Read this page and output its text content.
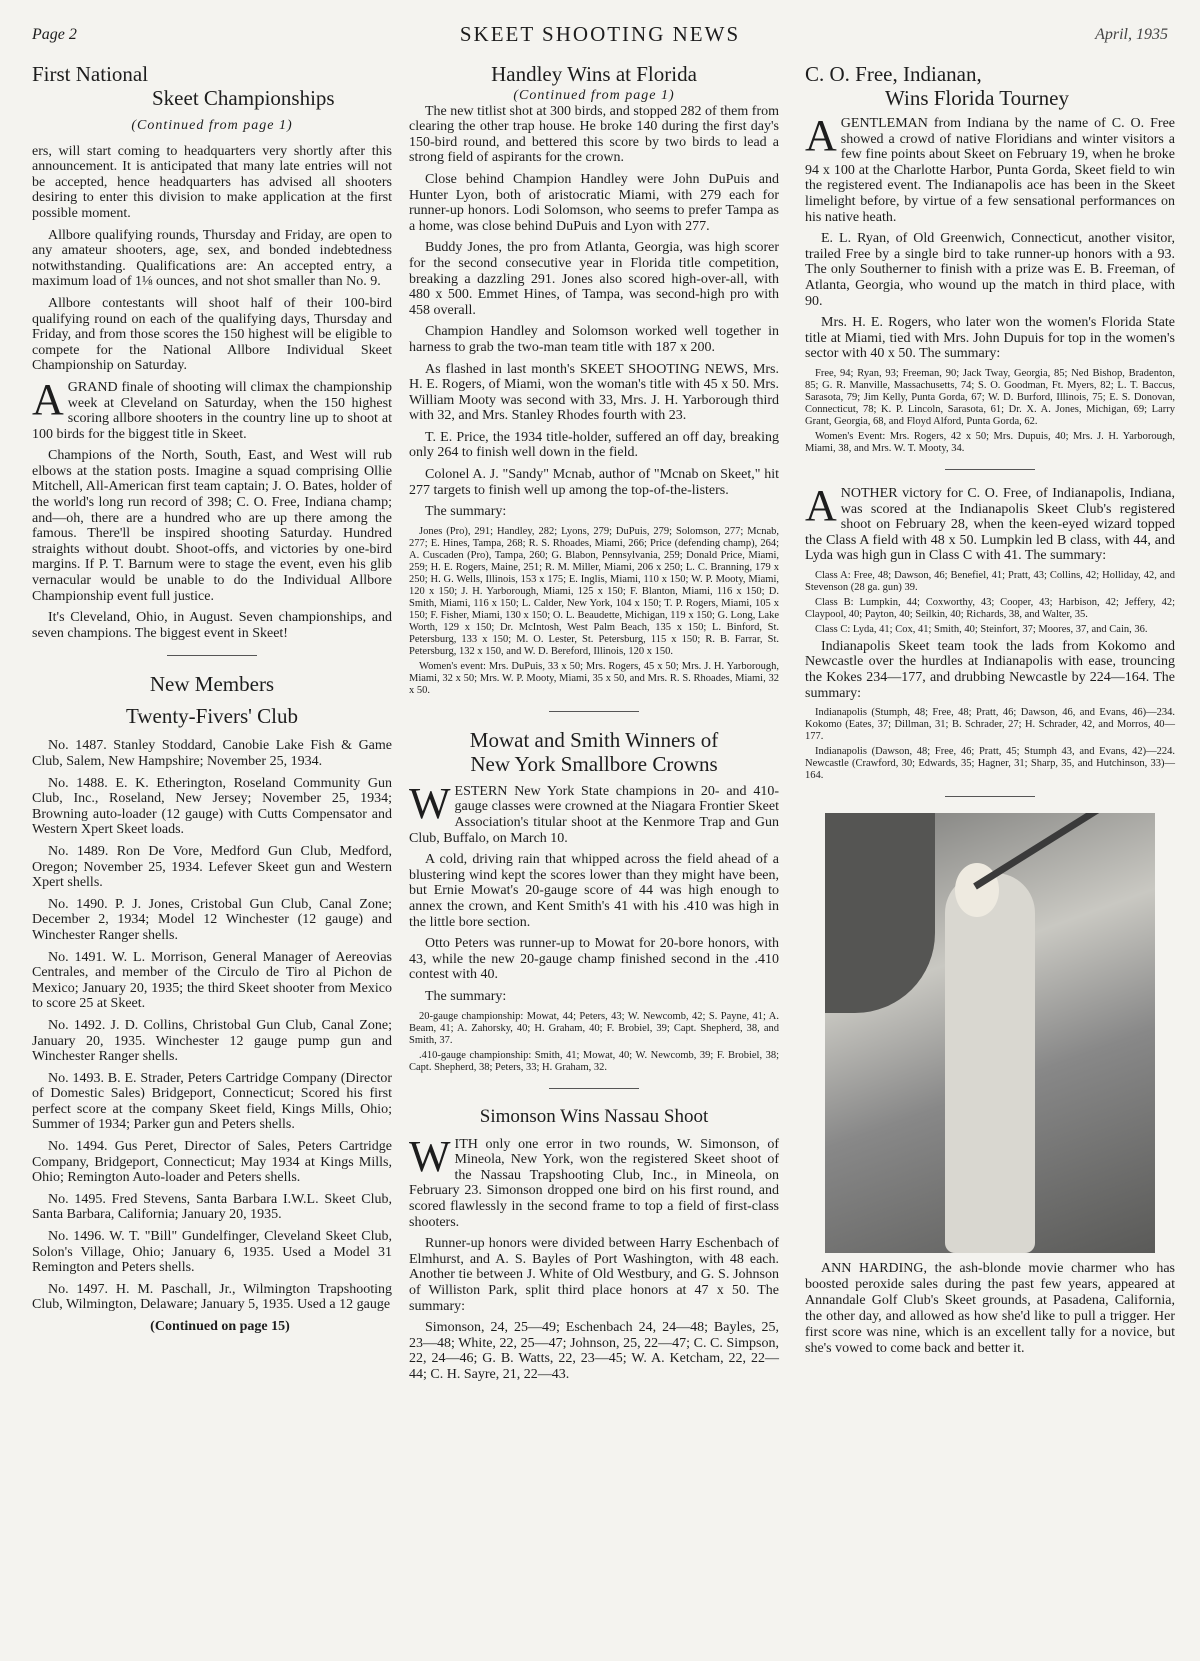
Page 2	SKEET SHOOTING NEWS	April, 1935
First National
Skeet Championships
(Continued from page 1)

ers, will start coming to headquarters very shortly after this announcement. It is anticipated that many late entries will not be accepted, hence headquarters has advised all shooters desiring to enter this division to make application at the first possible moment.

Allbore qualifying rounds, Thursday and Friday, are open to any amateur shooters, age, sex, and bonded indebtedness notwithstanding. Qualifications are: An accepted entry, a maximum load of 1⅛ ounces, and not shot smaller than No. 9.

Allbore contestants will shoot half of their 100-bird qualifying round on each of the qualifying days, Thursday and Friday, and from those scores the 150 highest will be eligible to compete for the National Allbore Individual Skeet Championship on Saturday.

AGRAND finale of shooting will climax the championship week at Cleveland on Saturday, when the 150 highest scoring allbore shooters in the country line up to shoot at 100 birds for the biggest title in Skeet.

Champions of the North, South, East, and West will rub elbows at the station posts. Imagine a squad comprising Ollie Mitchell, All-American first team captain; J. O. Bates, holder of the world's long run record of 398; C. O. Free, Indiana champ; and—oh, there are a hundred who are up there among the famous. There'll be inspired shooting Saturday. Hundred straights without doubt. Shoot-offs, and victories by one-bird margins. If P. T. Barnum were to stage the event, even his glib vernacular would be unable to do the Individual Allbore Championship event full justice.

It's Cleveland, Ohio, in August. Seven championships, and seven champions. The biggest event in Skeet!

New Members
Twenty-Fivers' Club

No. 1487. Stanley Stoddard, Canobie Lake Fish & Game Club, Salem, New Hampshire; November 25, 1934.

No. 1488. E. K. Etherington, Roseland Community Gun Club, Inc., Roseland, New Jersey; November 25, 1934; Browning auto-loader (12 gauge) with Cutts Compensator and Western Xpert Skeet loads.

No. 1489. Ron De Vore, Medford Gun Club, Medford, Oregon; November 25, 1934. Lefever Skeet gun and Western Xpert shells.

No. 1490. P. J. Jones, Cristobal Gun Club, Canal Zone; December 2, 1934; Model 12 Winchester (12 gauge) and Winchester Ranger shells.

No. 1491. W. L. Morrison, General Manager of Aereovias Centrales, and member of the Circulo de Tiro al Pichon de Mexico; January 20, 1935; the third Skeet shooter from Mexico to score 25 at Skeet.

No. 1492. J. D. Collins, Christobal Gun Club, Canal Zone; January 20, 1935. Winchester 12 gauge pump gun and Winchester Ranger shells.

No. 1493. B. E. Strader, Peters Cartridge Company (Director of Domestic Sales) Bridgeport, Connecticut; Scored his first perfect score at the company Skeet field, Kings Mills, Ohio; Summer of 1934; Parker gun and Peters shells.

No. 1494. Gus Peret, Director of Sales, Peters Cartridge Company, Bridgeport, Connecticut; May 1934 at Kings Mills, Ohio; Remington Auto-loader and Peters shells.

No. 1495. Fred Stevens, Santa Barbara I.W.L. Skeet Club, Santa Barbara, California; January 20, 1935.

No. 1496. W. T. "Bill" Gundelfinger, Cleveland Skeet Club, Solon's Village, Ohio; January 6, 1935. Used a Model 31 Remington and Peters shells.

No. 1497. H. M. Paschall, Jr., Wilmington Trapshooting Club, Wilmington, Delaware; January 5, 1935. Used a 12 gauge

(Continued on page 15)

Handley Wins at Florida
(Continued from page 1)

The new titlist shot at 300 birds, and stopped 282 of them from clearing the other trap house. He broke 140 during the first day's 150-bird round, and bettered this score by two birds to lead a strong field of aspirants for the crown.

Close behind Champion Handley were John DuPuis and Hunter Lyon, both of aristocratic Miami, with 279 each for runner-up honors. Lodi Solomson, who seems to prefer Tampa as a home, was close behind DuPuis and Lyon with 277.

Buddy Jones, the pro from Atlanta, Georgia, was high scorer for the second consecutive year in Florida title competition, breaking a dazzling 291. Jones also scored high-over-all, with 480 x 500. Emmet Hines, of Tampa, was second-high pro with 458 overall.

Champion Handley and Solomson worked well together in harness to grab the two-man team title with 187 x 200.

As flashed in last month's SKEET SHOOTING NEWS, Mrs. H. E. Rogers, of Miami, won the woman's title with 45 x 50. Mrs. William Mooty was second with 33, Mrs. J. H. Yarborough third with 32, and Mrs. Stanley Rhodes fourth with 23.

T. E. Price, the 1934 title-holder, suffered an off day, breaking only 264 to finish well down in the field.

Colonel A. J. "Sandy" Mcnab, author of "Mcnab on Skeet," hit 277 targets to finish well up among the top-of-the-listers.

The summary:

Jones (Pro), 291; Handley, 282; Lyons, 279; DuPuis, 279; Solomson, 277; Mcnab, 277; E. Hines, Tampa, 268; R. S. Rhoades, Miami, 266; Price (defending champ), 264; A. Cuscaden (Pro), Tampa, 260; G. Blabon, Pennsylvania, 259; Donald Price, Miami, 259; H. E. Rogers, Maine, 251; R. M. Miller, Miami, 206 x 250; L. C. Branning, 179 x 250; H. G. Wells, Illinois, 153 x 175; E. Inglis, Miami, 110 x 150; W. P. Mooty, Miami, 120 x 150; J. H. Yarborough, Miami, 125 x 150; F. Blanton, Miami, 116 x 150; D. Smith, Miami, 116 x 150; L. Calder, New York, 104 x 150; T. P. Rogers, Miami, 105 x 150; F. Fisher, Miami, 130 x 150; O. L. Beaudette, Michigan, 119 x 150; G. Long, Lake Worth, 129 x 150; Dr. McIntosh, West Palm Beach, 135 x 150; L. Binford, St. Petersburg, 133 x 150; M. O. Lester, St. Petersburg, 115 x 150; R. B. Farrar, St. Petersburg, 132 x 150, and W. D. Bereford, Illinois, 120 x 150.

Women's event: Mrs. DuPuis, 33 x 50; Mrs. Rogers, 45 x 50; Mrs. J. H. Yarborough, Miami, 32 x 50; Mrs. W. P. Mooty, Miami, 35 x 50, and Mrs. R. S. Rhoades, Miami, 32 x 50.

Mowat and Smith Winners of
New York Smallbore Crowns

WESTERN New York State champions in 20- and 410-gauge classes were crowned at the Niagara Frontier Skeet Association's titular shoot at the Kenmore Trap and Gun Club, Buffalo, on March 10.

A cold, driving rain that whipped across the field ahead of a blustering wind kept the scores lower than they might have been, but Ernie Mowat's 20-gauge score of 44 was high enough to annex the crown, and Kent Smith's 41 with his .410 was high in the little bore section.

Otto Peters was runner-up to Mowat for 20-bore honors, with 43, while the new 20-gauge champ finished second in the .410 contest with 40.

The summary:

20-gauge championship: Mowat, 44; Peters, 43; W. Newcomb, 42; S. Payne, 41; A. Beam, 41; A. Zahorsky, 40; H. Graham, 40; F. Brobiel, 39; Capt. Shepherd, 38, and Smith, 37.

.410-gauge championship: Smith, 41; Mowat, 40; W. Newcomb, 39; F. Brobiel, 38; Capt. Shepherd, 38; Peters, 33; H. Graham, 32.

Simonson Wins Nassau Shoot

WITH only one error in two rounds, W. Simonson, of Mineola, New York, won the registered Skeet shoot of the Nassau Trapshooting Club, Inc., in Mineola, on February 23. Simonson dropped one bird on his first round, and scored flawlessly in the second frame to top a field of first-class shooters.

Runner-up honors were divided between Harry Eschenbach of Elmhurst, and A. S. Bayles of Port Washington, with 48 each. Another tie between J. White of Old Westbury, and G. S. Johnson of Williston Park, split third place honors at 47 x 50. The summary:

Simonson, 24, 25—49; Eschenbach 24, 24—48; Bayles, 25, 23—48; White, 22, 25—47; Johnson, 25, 22—47; C. C. Simpson, 22, 24—46; G. B. Watts, 22, 23—45; W. A. Ketcham, 22, 22—44; C. H. Sayre, 21, 22—43.

C. O. Free, Indianan,
Wins Florida Tourney

AGENTLEMAN from Indiana by the name of C. O. Free showed a crowd of native Floridians and winter visitors a few fine points about Skeet on February 19, when he broke 94 x 100 at the Charlotte Harbor, Punta Gorda, Skeet field to win the registered event. The Indianapolis ace has been in the Skeet limelight before, by virtue of a few sensational performances on his native heath.

E. L. Ryan, of Old Greenwich, Connecticut, another visitor, trailed Free by a single bird to take runner-up honors with a 93. The only Southerner to finish with a prize was E. B. Freeman, of Atlanta, Georgia, who wound up the match in third place, with 90.

Mrs. H. E. Rogers, who later won the women's Florida State title at Miami, tied with Mrs. John Dupuis for top in the women's sector with 40 x 50. The summary:

Free, 94; Ryan, 93; Freeman, 90; Jack Tway, Georgia, 85; Ned Bishop, Bradenton, 85; G. R. Manville, Massachusetts, 74; S. O. Goodman, Ft. Myers, 82; L. T. Baccus, Sarasota, 79; Jim Kelly, Punta Gorda, 67; W. D. Burford, Illinois, 75; E. S. Donovan, Connecticut, 78; K. P. Lincoln, Sarasota, 61; Dr. X. A. Jones, Michigan, 69; Larry Grant, Georgia, 68, and Floyd Alford, Punta Gorda, 62.

Women's Event: Mrs. Rogers, 42 x 50; Mrs. Dupuis, 40; Mrs. J. H. Yarborough, Miami, 38, and Mrs. W. T. Mooty, 34.

ANOTHER victory for C. O. Free, of Indianapolis, Indiana, was scored at the Indianapolis Skeet Club's registered shoot on February 28, when the keen-eyed wizard topped the Class A field with 48 x 50. Lumpkin led B class, with 44, and Lyda was high gun in Class C with 41. The summary:

Class A: Free, 48; Dawson, 46; Benefiel, 41; Pratt, 43; Collins, 42; Holliday, 42, and Stevenson (28 ga. gun) 39.

Class B: Lumpkin, 44; Coxworthy, 43; Cooper, 43; Harbison, 42; Jeffery, 42; Claypool, 40; Payton, 40; Seilkin, 40; Richards, 38, and Walter, 35.

Class C: Lyda, 41; Cox, 41; Smith, 40; Steinfort, 37; Moores, 37, and Cain, 36.

Indianapolis Skeet team took the lads from Kokomo and Newcastle over the hurdles at Indianapolis with ease, trouncing the Kokes 234—177, and drubbing Newcastle by 224—164. The summary:

Indianapolis (Stumph, 48; Free, 48; Pratt, 46; Dawson, 46, and Evans, 46)—234. Kokomo (Eates, 37; Dillman, 31; B. Schrader, 27; H. Schrader, 42, and Morros, 40—177.

Indianapolis (Dawson, 48; Free, 46; Pratt, 45; Stumph 43, and Evans, 42)—224. Newcastle (Crawford, 30; Edwards, 35; Hagner, 31; Sharp, 35, and Hutchinson, 33)—164.

ANN HARDING, the ash-blonde movie charmer who has boosted peroxide sales during the past few years, appeared at Annandale Golf Club's Skeet grounds, at Pasadena, California, the other day, and allowed as how she'd like to pull a trigger. Her first score was nine, which is an excellent tally for a novice, but she's vowed to come back and better it.
